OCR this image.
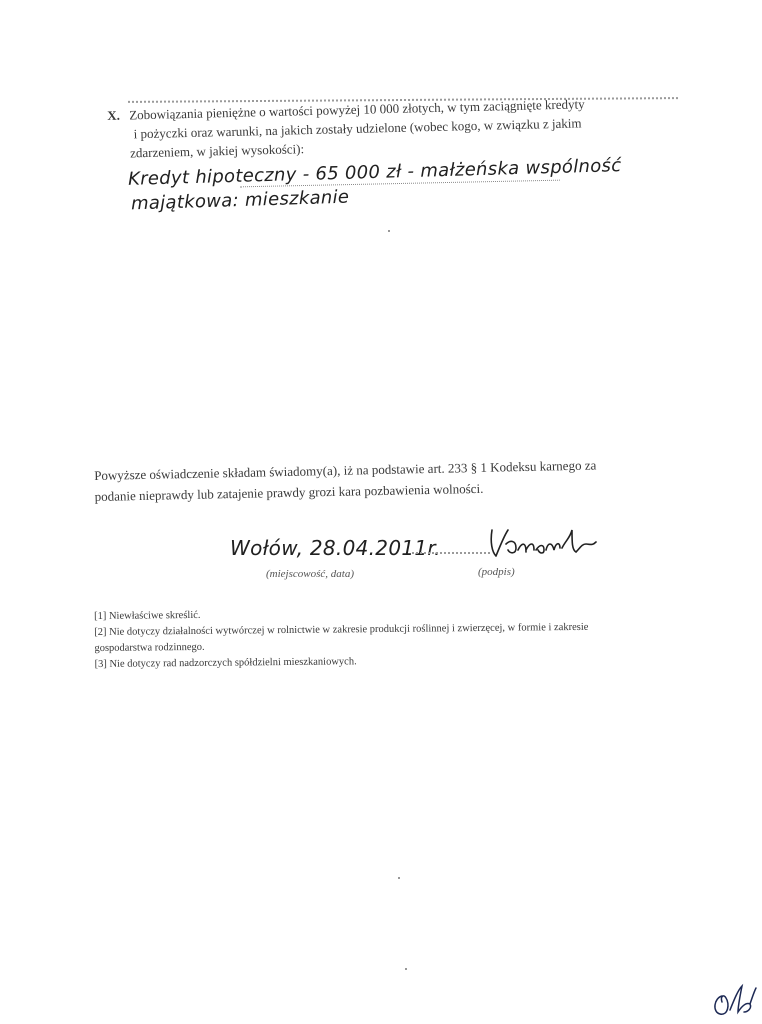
X. Zobowiązania pieniężne o wartości powyżej 10 000 złotych, w tym zaciągnięte kredyty
i pożyczki oraz warunki, na jakich zostały udzielone (wobec kogo, w związku z jakim
zdarzeniem, w jakiej wysokości):
Kredyt hipoteczny - 65 000 zł - małżeńska wspólność
majątkowa: mieszkanie
Powyższe oświadczenie składam świadomy(a), iż na podstawie art. 233 § 1 Kodeksu karnego za
podanie nieprawdy lub zatajenie prawdy grozi kara pozbawienia wolności.
Wołów, 28.04.2011r.
(miejscowość, data)	(podpis)

[1] Niewłaściwe skreślić.

[2] Nie dotyczy działalności wytwórczej w rolnictwie w zakresie produkcji roślinnej i zwierzęcej, w formie i zakresie

gospodarstwa rodzinnego.

[3] Nie dotyczy rad nadzorczych spółdzielni mieszkaniowych.
